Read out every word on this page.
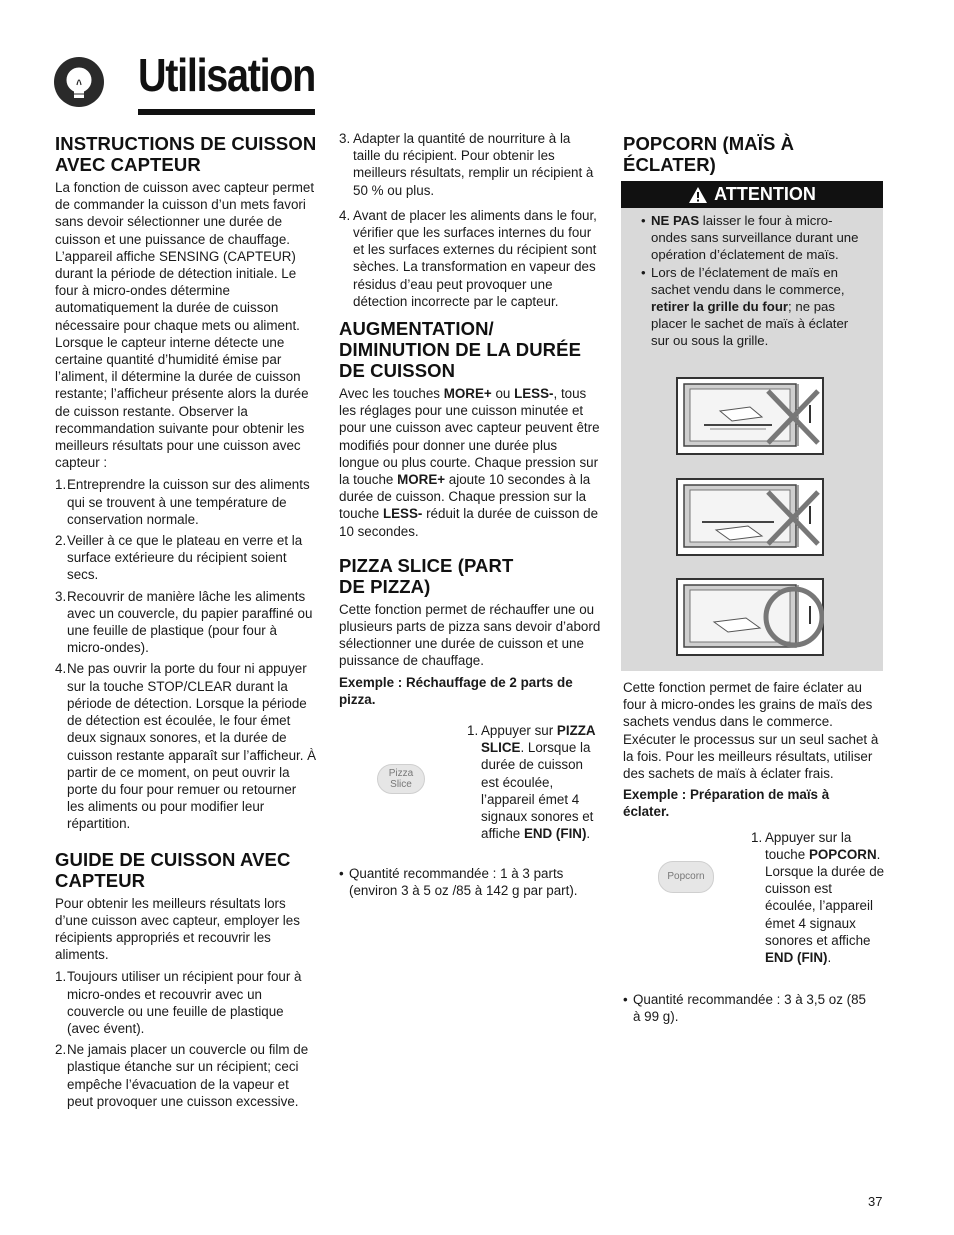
Utilisation
INSTRUCTIONS DE CUISSON AVEC CAPTEUR

La fonction de cuisson avec capteur permet de commander la cuisson d’un mets favori sans devoir sélectionner une durée de cuisson et une puissance de chauffage. L’appareil affiche SENSING (CAPTEUR) durant la période de détection initiale. Le four à micro-ondes détermine automatiquement la durée de cuisson nécessaire pour chaque mets ou aliment. Lorsque le capteur interne détecte une certaine quantité d’humidité émise par l’aliment, il détermine la durée de cuisson restante; l’afficheur présente alors la durée de cuisson restante. Observer la recommandation suivante pour obtenir les meilleurs résultats pour une cuisson avec capteur :

1. Entreprendre la cuisson sur des aliments qui se trouvent à une température de conservation normale.
2. Veiller à ce que le plateau en verre et la surface extérieure du récipient soient secs.
3. Recouvrir de manière lâche les aliments avec un couvercle, du papier paraffiné ou une feuille de plastique (pour four à micro-ondes).
4. Ne pas ouvrir la porte du four ni appuyer sur la touche STOP/CLEAR durant la période de détection. Lorsque la période de détection est écoulée, le four émet deux signaux sonores, et la durée de cuisson restante apparaît sur l’afficheur. À partir de ce moment, on peut ouvrir la porte du four pour remuer ou retourner les aliments ou pour modifier leur répartition.
GUIDE DE CUISSON AVEC CAPTEUR

Pour obtenir les meilleurs résultats lors d’une cuisson avec capteur, employer les récipients appropriés et recouvrir les aliments.

1. Toujours utiliser un récipient pour four à micro-ondes et recouvrir avec un couvercle ou une feuille de plastique (avec évent).
2. Ne jamais placer un couvercle ou film de plastique étanche sur un récipient; ceci empêche l’évacuation de la vapeur et peut provoquer une cuisson excessive.
3. Adapter la quantité de nourriture à la taille du récipient. Pour obtenir les meilleurs résultats, remplir un récipient à 50 % ou plus.
4. Avant de placer les aliments dans le four, vérifier que les surfaces internes du four et les surfaces externes du récipient sont sèches. La transformation en vapeur des résidus d’eau peut provoquer une détection incorrecte par le capteur.
AUGMENTATION/ DIMINUTION DE LA DURÉE DE CUISSON

Avec les touches MORE+ ou LESS-, tous les réglages pour une cuisson minutée et pour une cuisson avec capteur peuvent être modifiés pour donner une durée plus longue ou plus courte. Chaque pression sur la touche MORE+ ajoute 10 secondes à la durée de cuisson. Chaque pression sur la touche LESS- réduit la durée de cuisson de 10 secondes.

PIZZA SLICE (PART DE PIZZA)

Cette fonction permet de réchauffer une ou plusieurs parts de pizza sans devoir d’abord sélectionner une durée de cuisson et une puissance de chauffage.

Exemple : Réchauffage de 2 parts de pizza.

Pizza Slice
1. Appuyer sur PIZZA SLICE. Lorsque la durée de cuisson est écoulée, l’appareil émet 4 signaux sonores et affiche END (FIN).

• Quantité recommandée : 1 à 3 parts (environ 3 à 5 oz /85 à 142 g par part).

POPCORN (MAÏS À ÉCLATER)
ATTENTION
• NE PAS laisser le four à micro-ondes sans surveillance durant une opération d’éclatement de maïs.
• Lors de l’éclatement de maïs en sachet vendu dans le commerce, retirer la grille du four; ne pas placer le sachet de maïs à éclater sur ou sous la grille.

Cette fonction permet de faire éclater au four à micro-ondes les grains de maïs des sachets vendus dans le commerce. Exécuter le processus sur un seul sachet à la fois. Pour les meilleurs résultats, utiliser des sachets de maïs à éclater frais.

Exemple : Préparation de maïs à éclater.

Popcorn
1. Appuyer sur la touche POPCORN. Lorsque la durée de cuisson est écoulée, l’appareil émet 4 signaux sonores et affiche END (FIN).

• Quantité recommandée : 3 à 3,5 oz (85 à 99 g).

37
